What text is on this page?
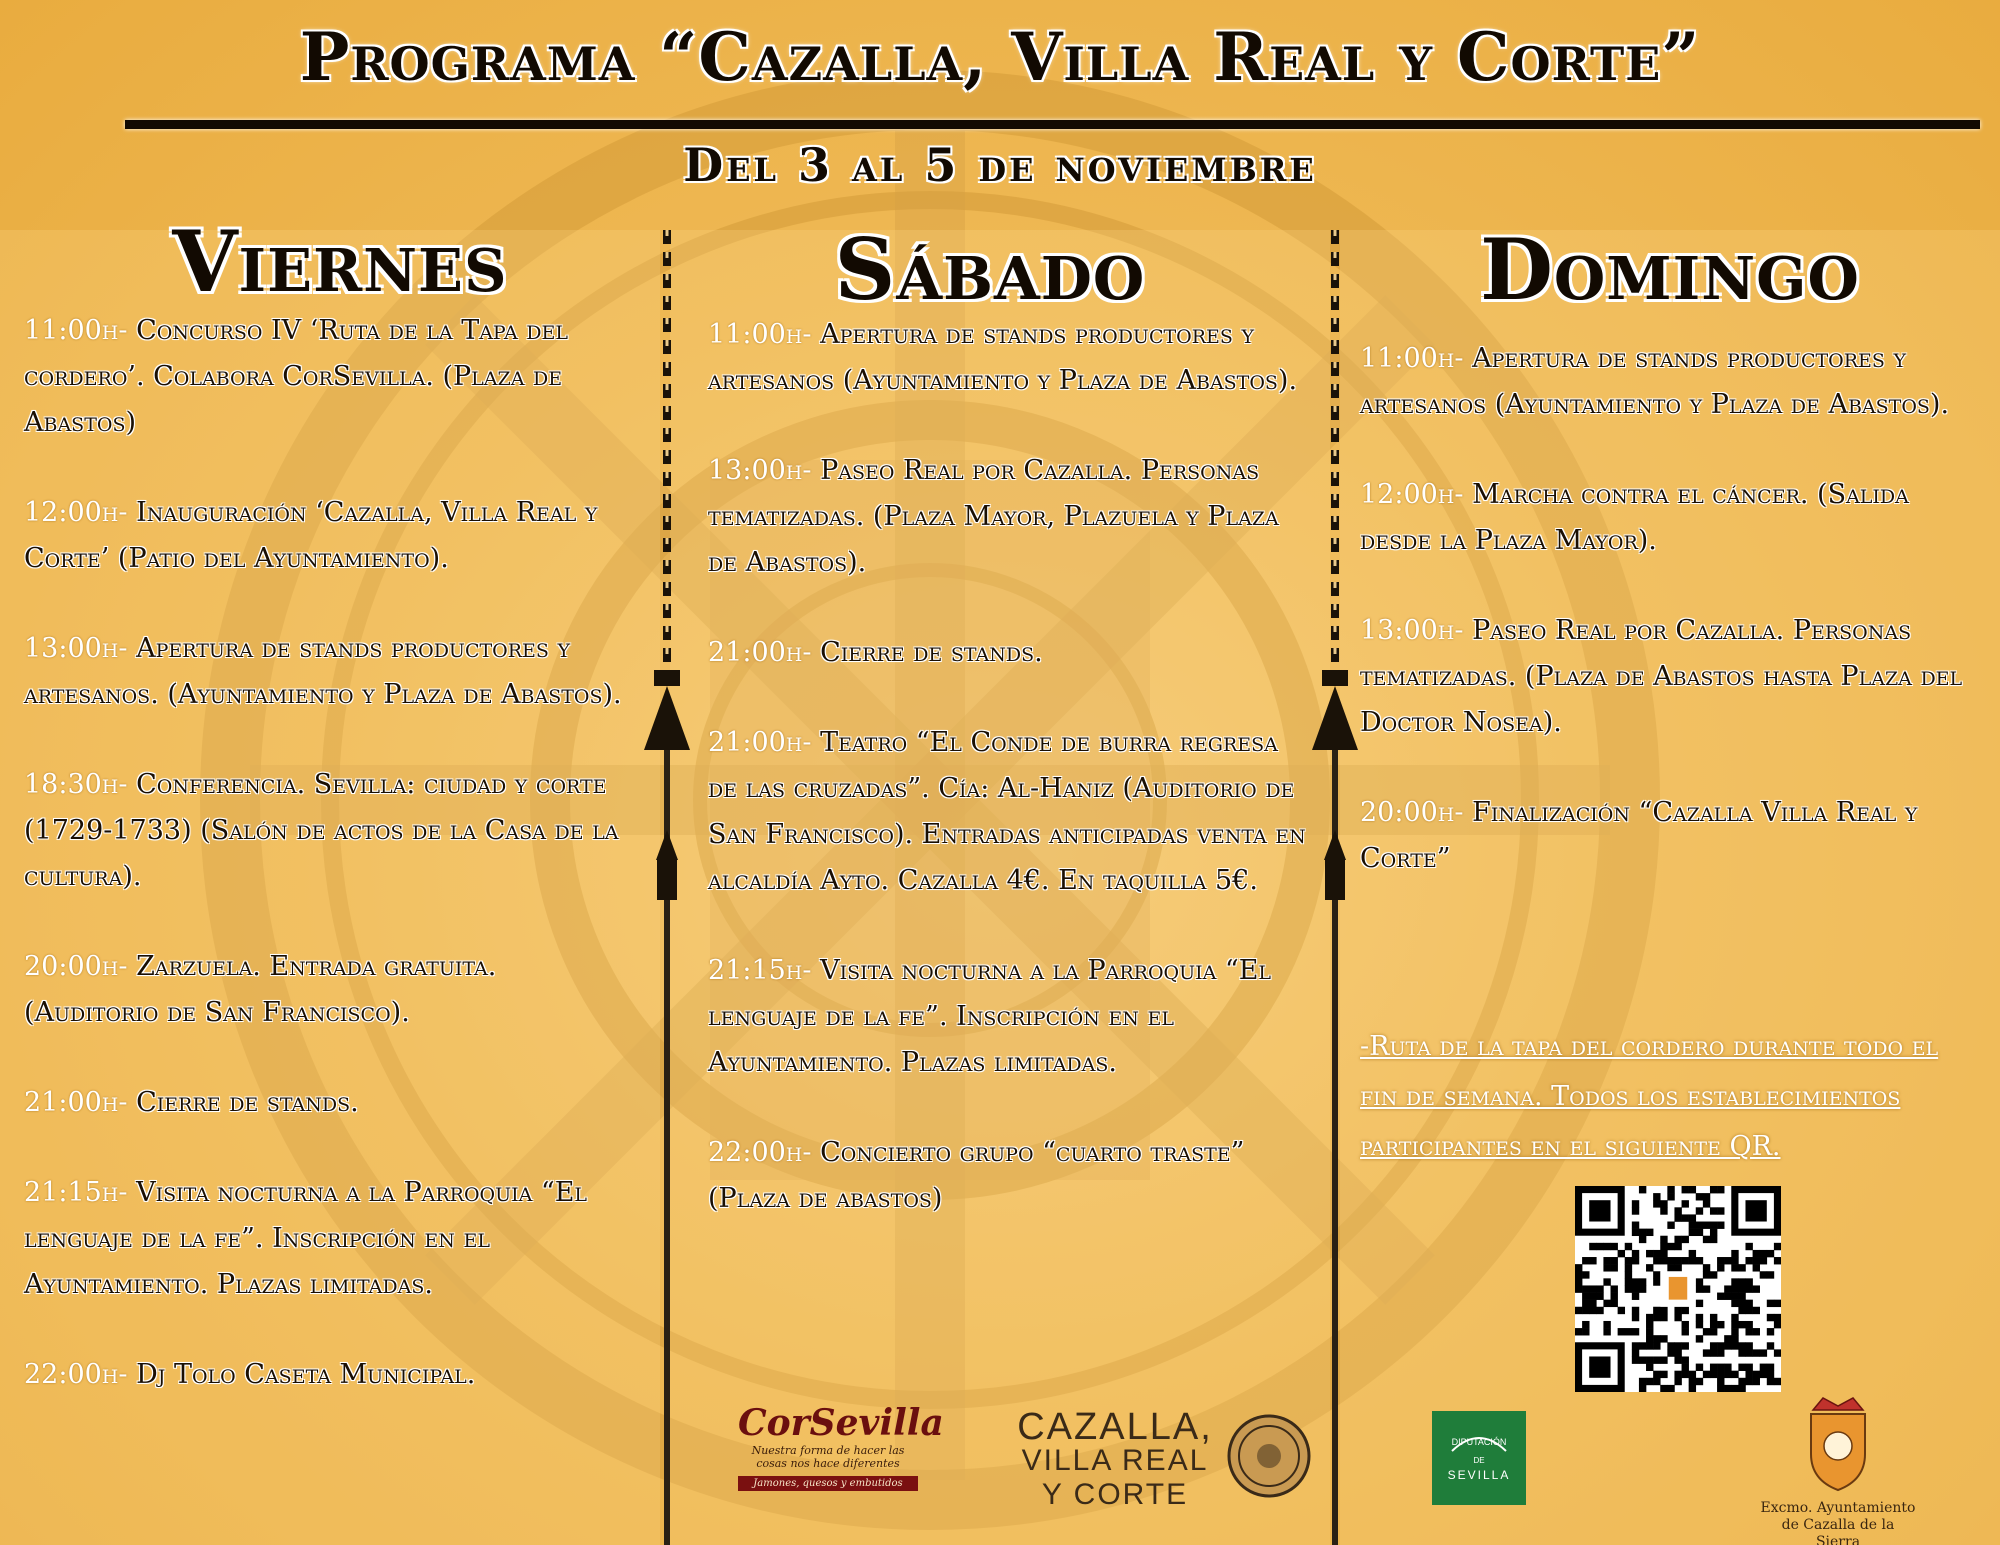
Programa “Cazalla, Villa Real y Corte”
Del 3 al 5 de noviembre
Viernes	Sábado	Domingo
11:00h- Concurso IV ‘Ruta de la Tapa del cordero’. Colabora CorSevilla. (Plaza de Abastos)
12:00h- Inauguración ‘Cazalla, Villa Real y Corte’ (Patio del Ayuntamiento).
13:00h- Apertura de stands productores y artesanos. (Ayuntamiento y Plaza de Abastos).
18:30h- Conferencia. Sevilla: ciudad y corte (1729-1733) (Salón de actos de la Casa de la cultura).
20:00h- Zarzuela. Entrada gratuita. (Auditorio de San Francisco).
21:00h- Cierre de stands.
21:15h- Visita nocturna a la Parroquia “El lenguaje de la fe”. Inscripción en el Ayuntamiento. Plazas limitadas.
22:00h- Dj Tolo Caseta Municipal.
11:00h- Apertura de stands productores y artesanos (Ayuntamiento y Plaza de Abastos).
13:00h- Paseo Real por Cazalla. Personas tematizadas. (Plaza Mayor, Plazuela y Plaza de Abastos).
21:00h- Cierre de stands.
21:00h- Teatro “El Conde de burra regresa de las cruzadas”. Cía: Al-Haniz (Auditorio de San Francisco). Entradas anticipadas venta en alcaldía Ayto. Cazalla 4€. En taquilla 5€.
21:15h- Visita nocturna a la Parroquia “El lenguaje de la fe”. Inscripción en el Ayuntamiento. Plazas limitadas.
22:00h- Concierto grupo “cuarto traste” (Plaza de abastos)
11:00h- Apertura de stands productores y artesanos (Ayuntamiento y Plaza de Abastos).
12:00h- Marcha contra el cáncer. (Salida desde la Plaza Mayor).
13:00h- Paseo Real por Cazalla. Personas tematizadas. (Plaza de Abastos hasta Plaza del Doctor Nosea).
20:00h- Finalización “Cazalla Villa Real y Corte”
-Ruta de la tapa del cordero durante todo el fin de semana. Todos los establecimientos participantes en el siguiente QR.
CorSevilla
Nuestra forma de hacer las cosas nos hace diferentes
Jamones, quesos y embutidos
CAZALLA,
VILLA REAL
Y CORTE
DIPUTACIÓN
DE
SEVILLA
Excmo. Ayuntamiento
de Cazalla de la Sierra
